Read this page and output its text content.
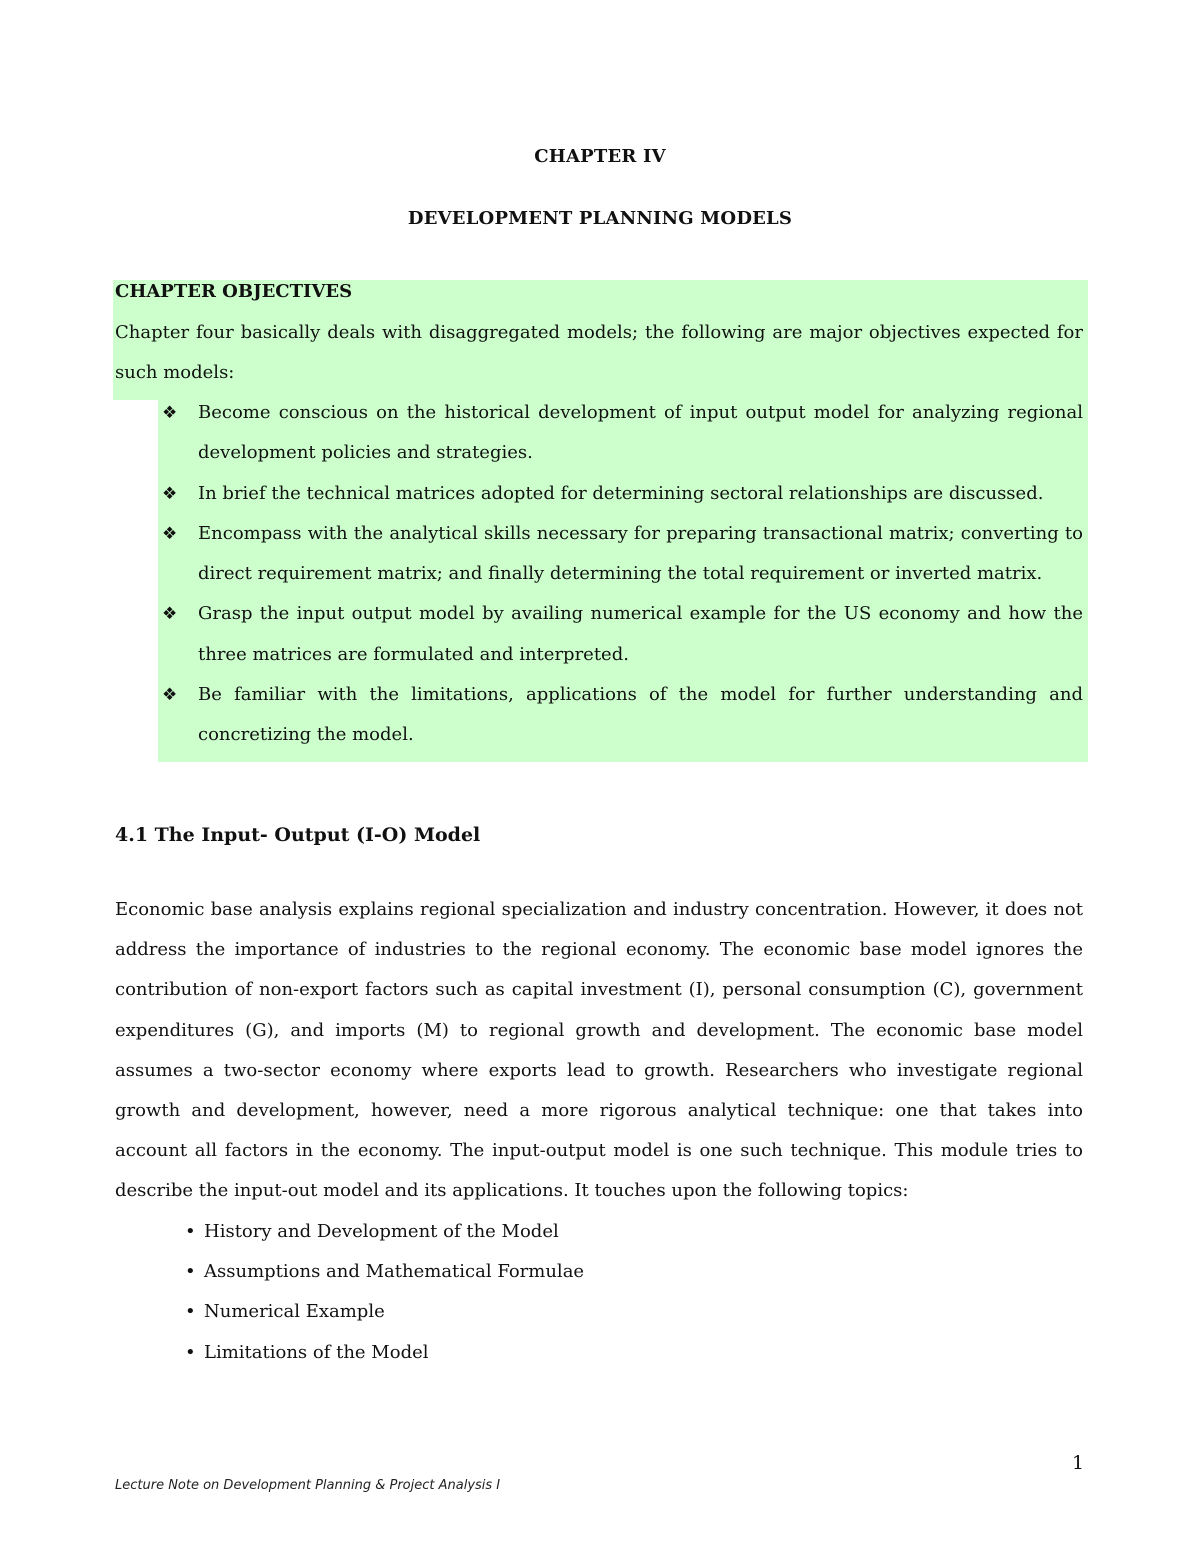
CHAPTER IV
DEVELOPMENT PLANNING MODELS
CHAPTER OBJECTIVES
Chapter four basically deals with disaggregated models; the following are major objectives expected for such models:
❖ Become conscious on the historical development of input output model for analyzing regional development policies and strategies.
❖ In brief the technical matrices adopted for determining sectoral relationships are discussed.
❖ Encompass with the analytical skills necessary for preparing transactional matrix; converting to direct requirement matrix; and finally determining the total requirement or inverted matrix.
❖ Grasp the input output model by availing numerical example for the US economy and how the three matrices are formulated and interpreted.
❖ Be familiar with the limitations, applications of the model for further understanding and concretizing the model.
4.1 The Input- Output (I-O) Model

Economic base analysis explains regional specialization and industry concentration. However, it does not address the importance of industries to the regional economy. The economic base model ignores the contribution of non-export factors such as capital investment (I), personal consumption (C), government expenditures (G), and imports (M) to regional growth and development. The economic base model assumes a two-sector economy where exports lead to growth. Researchers who investigate regional growth and development, however, need a more rigorous analytical technique: one that takes into account all factors in the economy. The input-output model is one such technique. This module tries to describe the input-out model and its applications. It touches upon the following topics:

• History and Development of the Model
• Assumptions and Mathematical Formulae
• Numerical Example
• Limitations of the Model
1
Lecture Note on Development Planning & Project Analysis I
